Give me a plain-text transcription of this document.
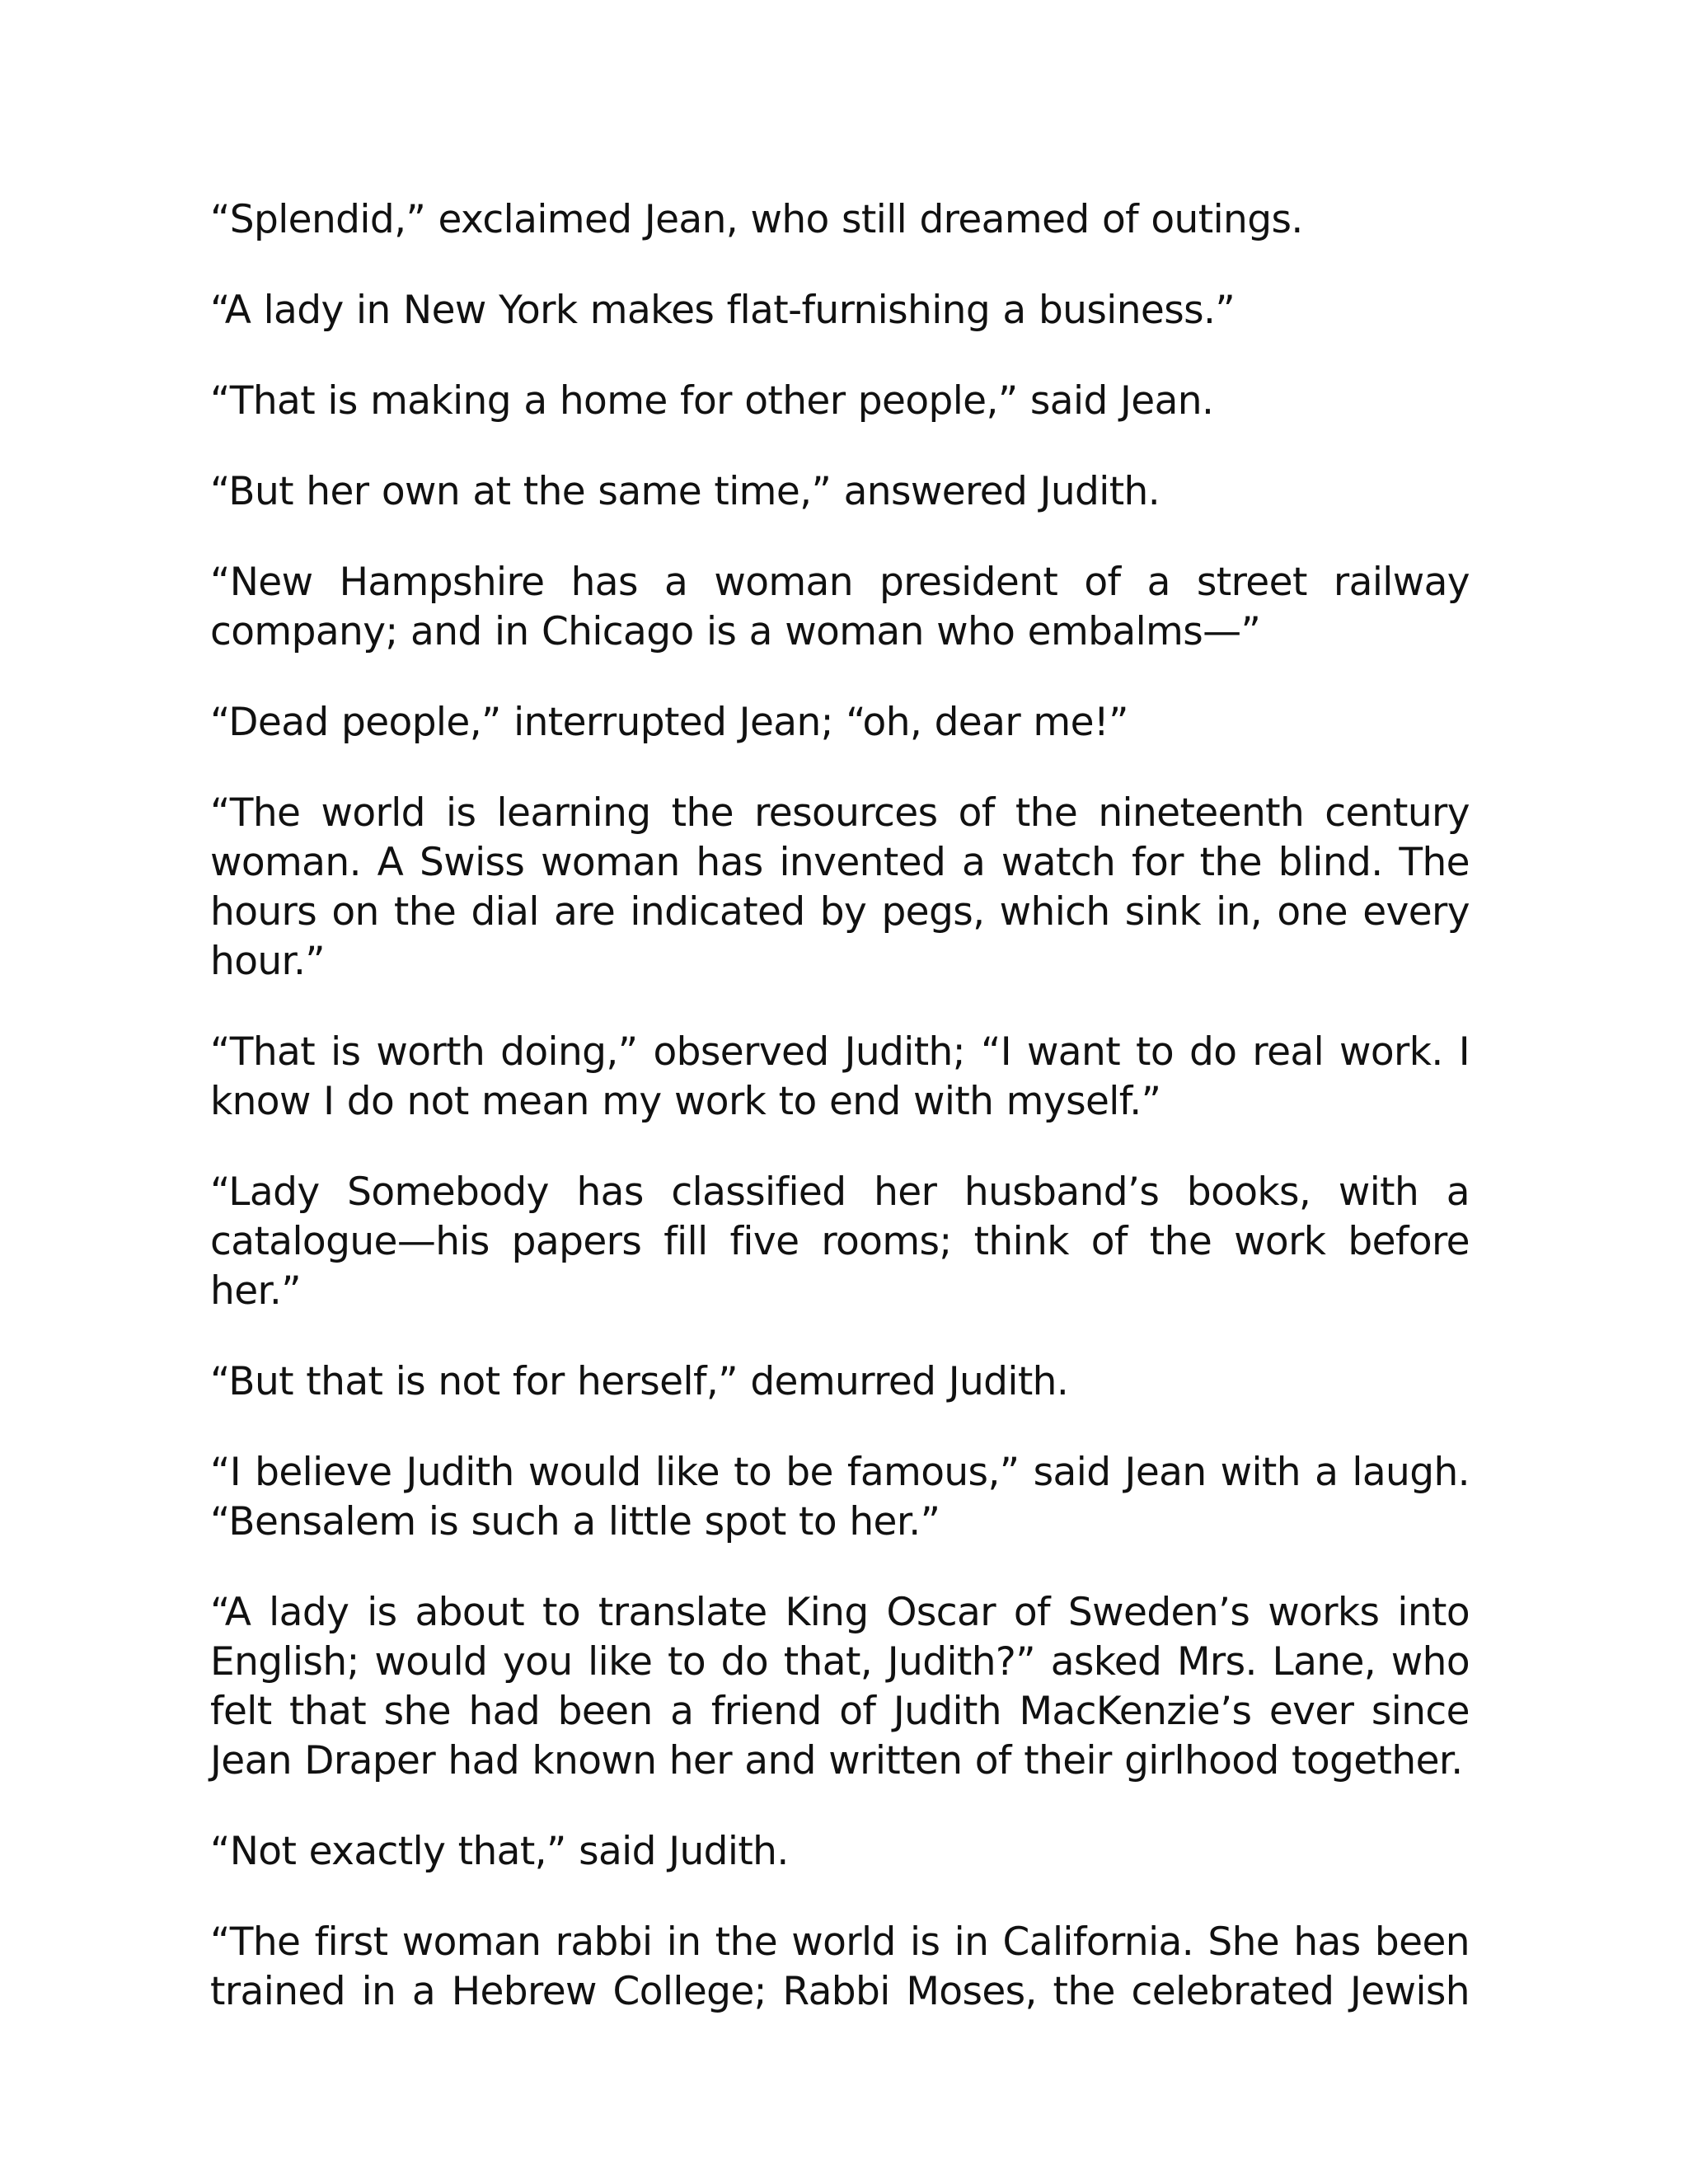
“Splendid,” exclaimed Jean, who still dreamed of outings.

“A lady in New York makes flat-furnishing a business.”

“That is making a home for other people,” said Jean.

“But her own at the same time,” answered Judith.

“New Hampshire has a woman president of a street railway company; and in Chicago is a woman who embalms—”

“Dead people,” interrupted Jean; “oh, dear me!”

“The world is learning the resources of the nineteenth century woman. A Swiss woman has invented a watch for the blind. The hours on the dial are indicated by pegs, which sink in, one every hour.”

“That is worth doing,” observed Judith; “I want to do real work. I know I do not mean my work to end with myself.”

“Lady Somebody has classified her husband’s books, with a catalogue—his papers fill five rooms; think of the work before her.”

“But that is not for herself,” demurred Judith.

“I believe Judith would like to be famous,” said Jean with a laugh. “Bensalem is such a little spot to her.”

“A lady is about to translate King Oscar of Sweden’s works into English; would you like to do that, Judith?” asked Mrs. Lane, who felt that she had been a friend of Judith MacKenzie’s ever since Jean Draper had known her and written of their girlhood together.

“Not exactly that,” said Judith.

“The first woman rabbi in the world is in California. She has been trained in a Hebrew College; Rabbi Moses, the celebrated Jewish
